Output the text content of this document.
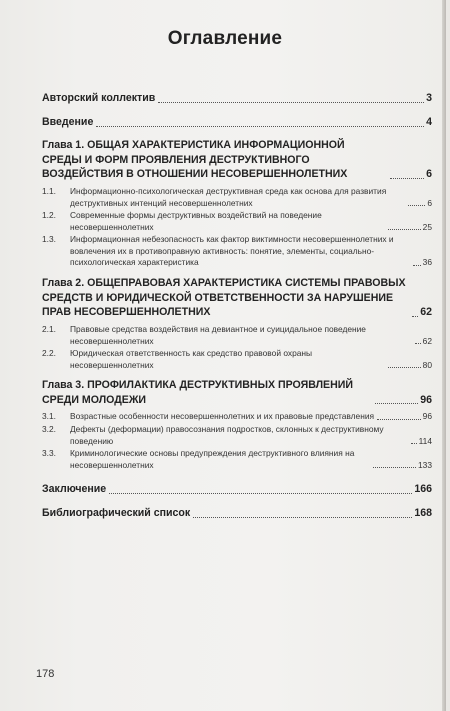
Оглавление
Авторский коллектив	3
Введение	4
Глава 1. ОБЩАЯ ХАРАКТЕРИСТИКА ИНФОРМАЦИОННОЙ СРЕДЫ И ФОРМ ПРОЯВЛЕНИЯ ДЕСТРУКТИВНОГО ВОЗДЕЙСТВИЯ В ОТНОШЕНИИ НЕСОВЕРШЕННОЛЕТНИХ	6
1.1.	Информационно-психологическая деструктивная среда как основа для развития деструктивных интенций несовершеннолетних	6
1.2.	Современные формы деструктивных воздействий на поведение несовершеннолетних	25
1.3.	Информационная небезопасность как фактор виктимности несовершеннолетних и вовлечения их в противоправную активность: понятие, элементы, социально-психологическая характеристика	36
Глава 2. ОБЩЕПРАВОВАЯ ХАРАКТЕРИСТИКА СИСТЕМЫ ПРАВОВЫХ СРЕДСТВ И ЮРИДИЧЕСКОЙ ОТВЕТСТВЕННОСТИ ЗА НАРУШЕНИЕ ПРАВ НЕСОВЕРШЕННОЛЕТНИХ	62
2.1.	Правовые средства воздействия на девиантное и суицидальное поведение несовершеннолетних	62
2.2.	Юридическая ответственность как средство правовой охраны несовершеннолетних	80
Глава 3. ПРОФИЛАКТИКА ДЕСТРУКТИВНЫХ ПРОЯВЛЕНИЙ СРЕДИ МОЛОДЕЖИ	96
3.1.	Возрастные особенности несовершеннолетних и их правовые представления	96
3.2.	Дефекты (деформации) правосознания подростков, склонных к деструктивному поведению	114
3.3.	Криминологические основы предупреждения деструктивного влияния на несовершеннолетних	133
Заключение	166
Библиографический список	168
178
